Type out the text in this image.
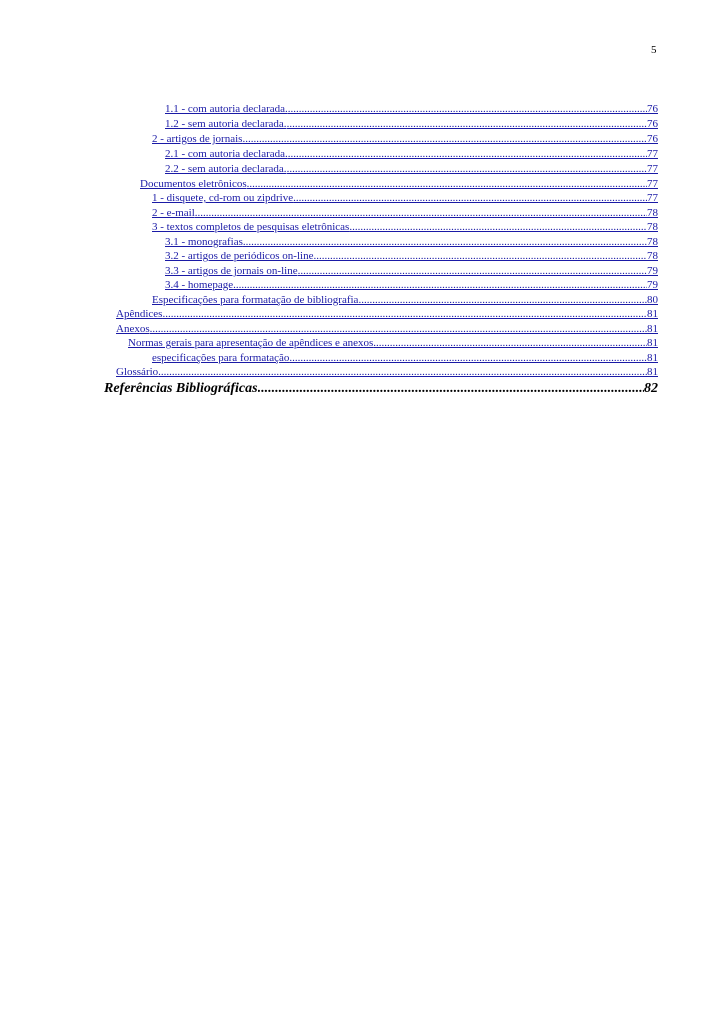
5
1.1 - com autoria declarada. .....	76
1.2 - sem autoria declarada. .....	76
2 - artigos de jornais .....	76
2.1 - com autoria declarada. .....	77
2.2 - sem autoria declarada. .....	77
Documentos eletrônicos .....	77
1 - disquete, cd-rom ou zipdrive .....	77
2 - e-mail .....	78
3 - textos completos de pesquisas eletrônicas .....	78
3.1 - monografias .....	78
3.2 - artigos de periódicos on-line .....	78
3.3 - artigos de jornais on-line .....	79
3.4 - homepage .....	79
Especificações para formatação de bibliografia .....	80
Apêndices .....	81
Anexos .....	81
Normas gerais para apresentação de apêndices e anexos .....	81
especificações para formatação .....	81
Glossário .....	81
Referências Bibliográficas .....	82
